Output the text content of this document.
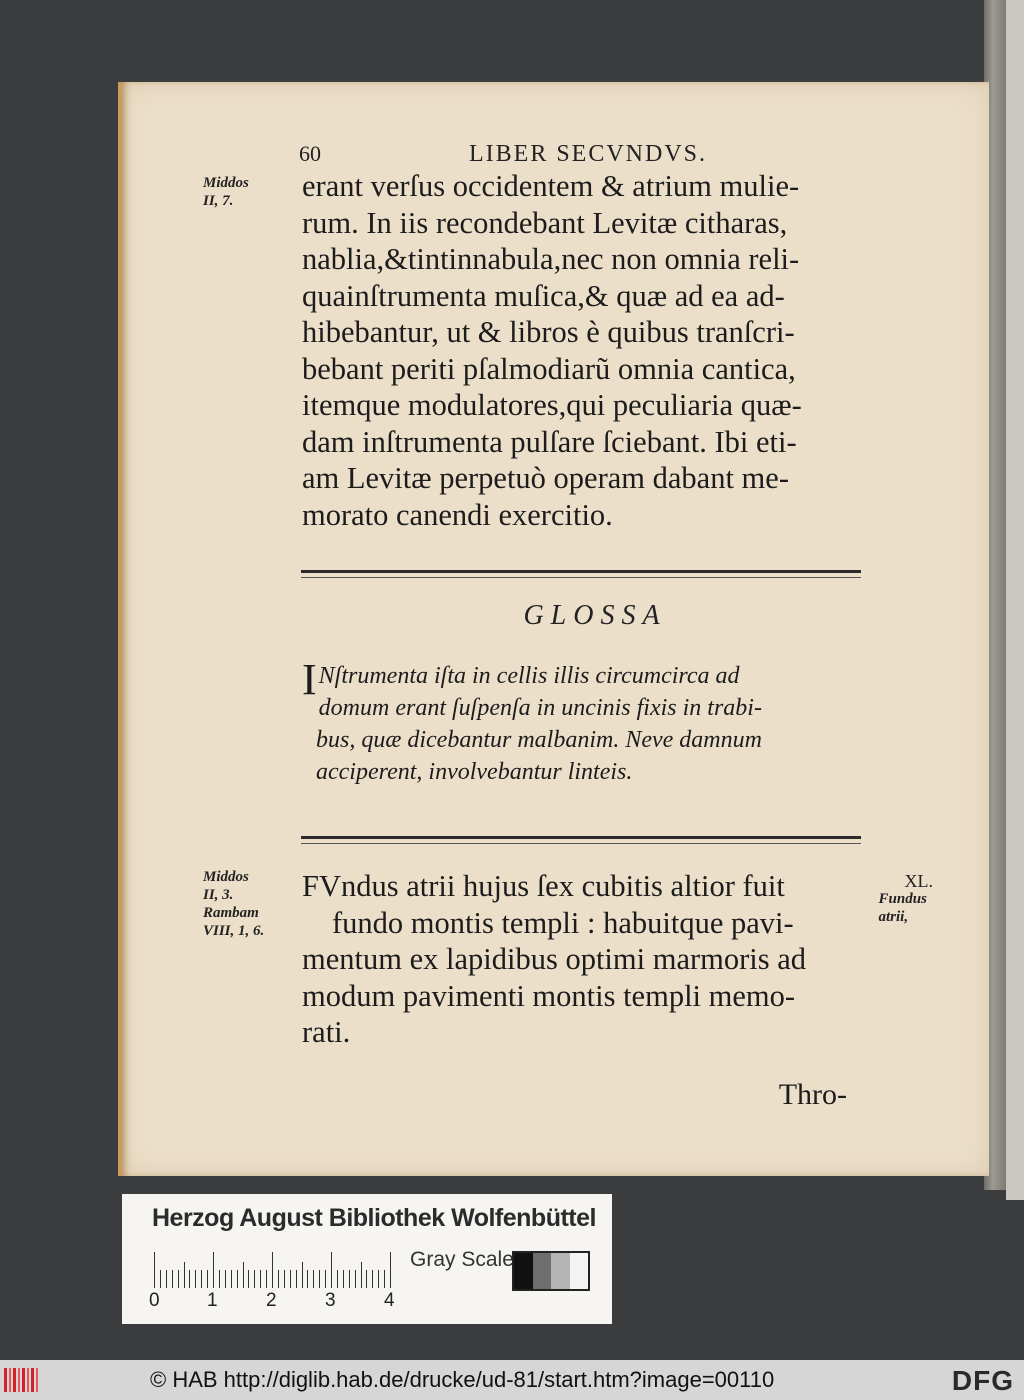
60	LIBER SECVNDVS.
Middos
II, 7.	erant verſus occidentem & atrium mulie-
rum. In iis recondebant Levitæ citharas,
nablia,&tintinnabula,nec non omnia reli-
quainſtrumenta muſica,& quæ ad ea ad-
hibebantur, ut & libros è quibus tranſcri-
bebant periti pſalmodiarũ omnia cantica,
itemque modulatores,qui peculiaria quæ-
dam inſtrumenta pulſare ſciebant. Ibi eti-
am Levitæ perpetuò operam dabant me-
morato canendi exercitio.
GLOSSA
I Nſtrumenta iſta in cellis illis circumcirca ad
domum erant ſuſpenſa in uncinis fixis in trabi-
bus, quæ dicebantur malbanim. Neve damnum
acciperent, involvebantur linteis.
Middos
II, 3.
Rambam
VIII, 1, 6.
XL.
Fundus
atrii,
FVndus atrii hujus ſex cubitis altior fuit
fundo montis templi : habuitque pavi-
mentum ex lapidibus optimi marmoris ad
modum pavimenti montis templi memo-
rati.
Thro-
Herzog August Bibliothek Wolfenbüttel
0 1	2	3	4
Gray Scale
© HAB http://diglib.hab.de/drucke/ud-81/start.htm?image=00110	DFG
